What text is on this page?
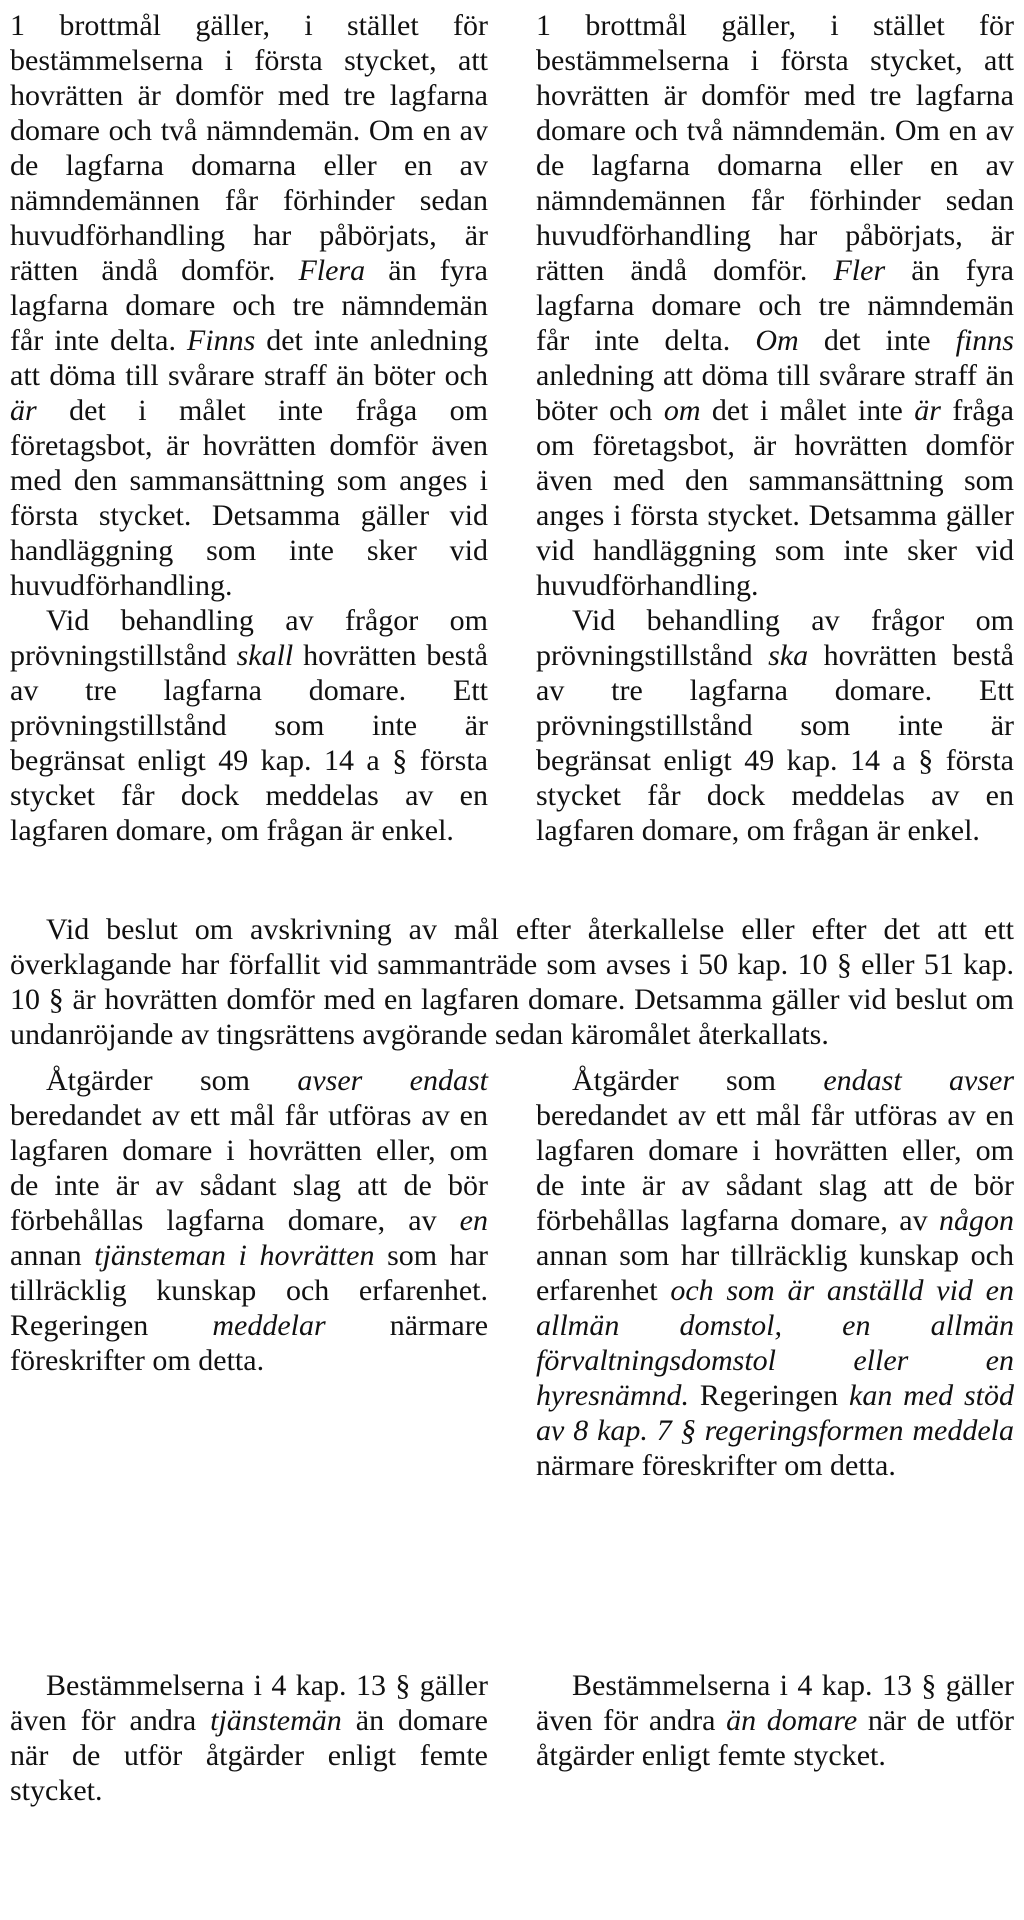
1 brottmål gäller, i stället för bestämmelserna i första stycket, att hovrätten är domför med tre lagfarna domare och två nämndemän. Om en av de lagfarna domarna eller en av nämndemännen får förhinder sedan huvudförhandling har påbörjats, är rätten ändå domför. Flera än fyra lagfarna domare och tre nämndemän får inte delta. Finns det inte anledning att döma till svårare straff än böter och är det i målet inte fråga om företagsbot, är hovrätten domför även med den sammansättning som anges i första stycket. Detsamma gäller vid handläggning som inte sker vid huvudförhandling.

Vid behandling av frågor om prövningstillstånd skall hovrätten bestå av tre lagfarna domare. Ett prövningstillstånd som inte är begränsat enligt 49 kap. 14 a § första stycket får dock meddelas av en lagfaren domare, om frågan är enkel.

1 brottmål gäller, i stället för bestämmelserna i första stycket, att hovrätten är domför med tre lagfarna domare och två nämndemän. Om en av de lagfarna domarna eller en av nämndemännen får förhinder sedan huvudförhandling har påbörjats, är rätten ändå domför. Fler än fyra lagfarna domare och tre nämndemän får inte delta. Om det inte finns anledning att döma till svårare straff än böter och om det i målet inte är fråga om företagsbot, är hovrätten domför även med den sammansättning som anges i första stycket. Detsamma gäller vid handläggning som inte sker vid huvudförhandling.

Vid behandling av frågor om prövningstillstånd ska hovrätten bestå av tre lagfarna domare. Ett prövningstillstånd som inte är begränsat enligt 49 kap. 14 a § första stycket får dock meddelas av en lagfaren domare, om frågan är enkel.

Vid beslut om avskrivning av mål efter återkallelse eller efter det att ett överklagande har förfallit vid sammanträde som avses i 50 kap. 10 § eller 51 kap. 10 § är hovrätten domför med en lagfaren domare. Detsamma gäller vid beslut om undanröjande av tingsrättens avgörande sedan käromålet återkallats.

Åtgärder som avser endast beredandet av ett mål får utföras av en lagfaren domare i hovrätten eller, om de inte är av sådant slag att de bör förbehållas lagfarna domare, av en annan tjänsteman i hovrätten som har tillräcklig kunskap och erfarenhet. Regeringen meddelar närmare föreskrifter om detta.

Åtgärder som endast avser beredandet av ett mål får utföras av en lagfaren domare i hovrätten eller, om de inte är av sådant slag att de bör förbehållas lagfarna domare, av någon annan som har tillräcklig kunskap och erfarenhet och som är anställd vid en allmän domstol, en allmän förvaltningsdomstol eller en hyresnämnd. Regeringen kan med stöd av 8 kap. 7 § regeringsformen meddela närmare föreskrifter om detta.

Bestämmelserna i 4 kap. 13 § gäller även för andra tjänstemän än domare när de utför åtgärder enligt femte stycket.

Bestämmelserna i 4 kap. 13 § gäller även för andra än domare när de utför åtgärder enligt femte stycket.
